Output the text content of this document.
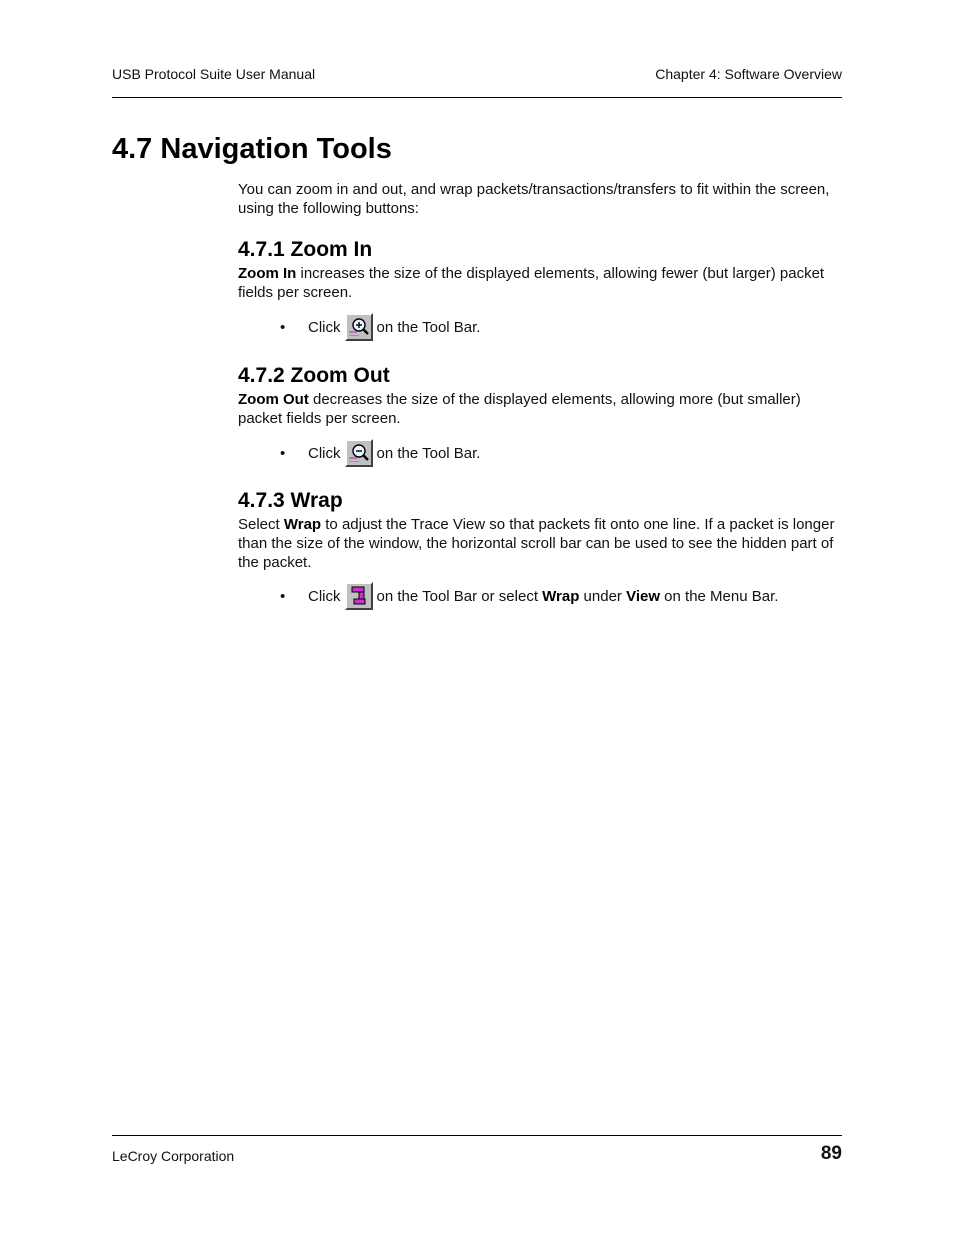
USB Protocol Suite User Manual	Chapter 4: Software Overview
4.7 Navigation Tools

You can zoom in and out, and wrap packets/transactions/transfers to fit within the screen, using the following buttons:

4.7.1 Zoom In

Zoom In increases the size of the displayed elements, allowing fewer (but larger) packet fields per screen.

•	Click

on the Tool Bar.
4.7.2 Zoom Out

Zoom Out decreases the size of the displayed elements, allowing more (but smaller) packet fields per screen.

•	Click

on the Tool Bar.
4.7.3 Wrap

Select Wrap to adjust the Trace View so that packets fit onto one line. If a packet is longer than the size of the window, the horizontal scroll bar can be used to see the hidden part of the packet.

•	Click

on the Tool Bar or select Wrap under View on the Menu Bar.
LeCroy Corporation	89
